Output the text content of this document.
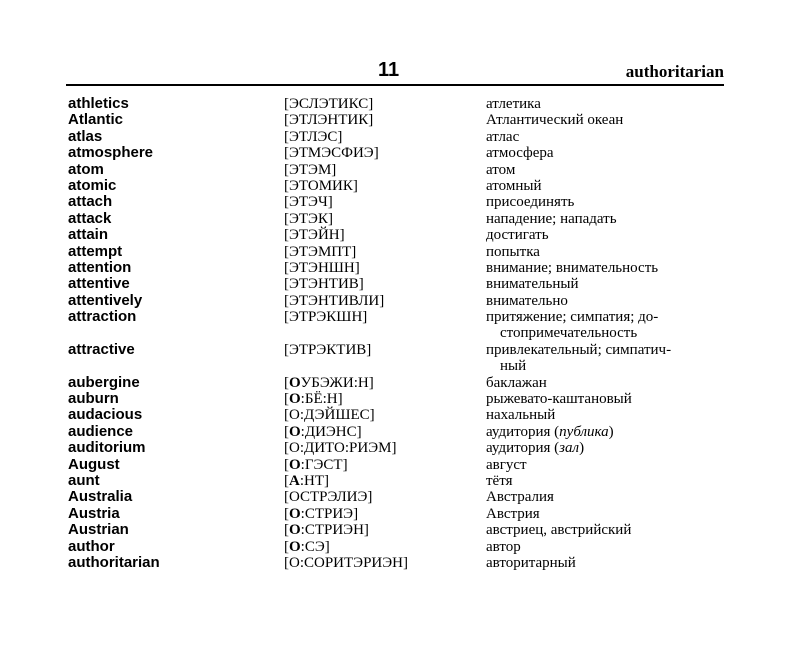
11	authoritarian
athletics	[ЭСЛЭТИКС]	атлетика
Atlantic	[ЭТЛЭНТИК]	Атлантический океан
atlas	[ЭТЛЭС]	атлас
atmosphere	[ЭТМЭСФИЭ]	атмосфера
atom	[ЭТЭМ]	атом
atomic	[ЭТОМИК]	атомный
attach	[ЭТЭЧ]	присоединять
attack	[ЭТЭК]	нападение; нападать
attain	[ЭТЭЙН]	достигать
attempt	[ЭТЭМПТ]	попытка
attention	[ЭТЭНШН]	внимание; внимательность
attentive	[ЭТЭНТИВ]	внимательный
attentively	[ЭТЭНТИВЛИ]	внимательно
attraction	[ЭТРЭКШН]	притяжение; симпатия; до-
стопримечательность
attractive	[ЭТРЭКТИВ]	привлекательный; симпатич-
ный
aubergine	[ОУБЭЖИ:Н]	баклажан
auburn	[О:БЁ:Н]	рыжевато-каштановый
audacious	[О:ДЭЙШЕС]	нахальный
audience	[О:ДИЭНС]	аудитория (публика)
auditorium	[О:ДИТО:РИЭМ]	аудитория (зал)
August	[О:ГЭСТ]	август
aunt	[А:НТ]	тётя
Australia	[ОСТРЭЛИЭ]	Австралия
Austria	[О:СТРИЭ]	Австрия
Austrian	[О:СТРИЭН]	австриец, австрийский
author	[О:СЭ]	автор
authoritarian	[О:СОРИТЭРИЭН]	авторитарный
